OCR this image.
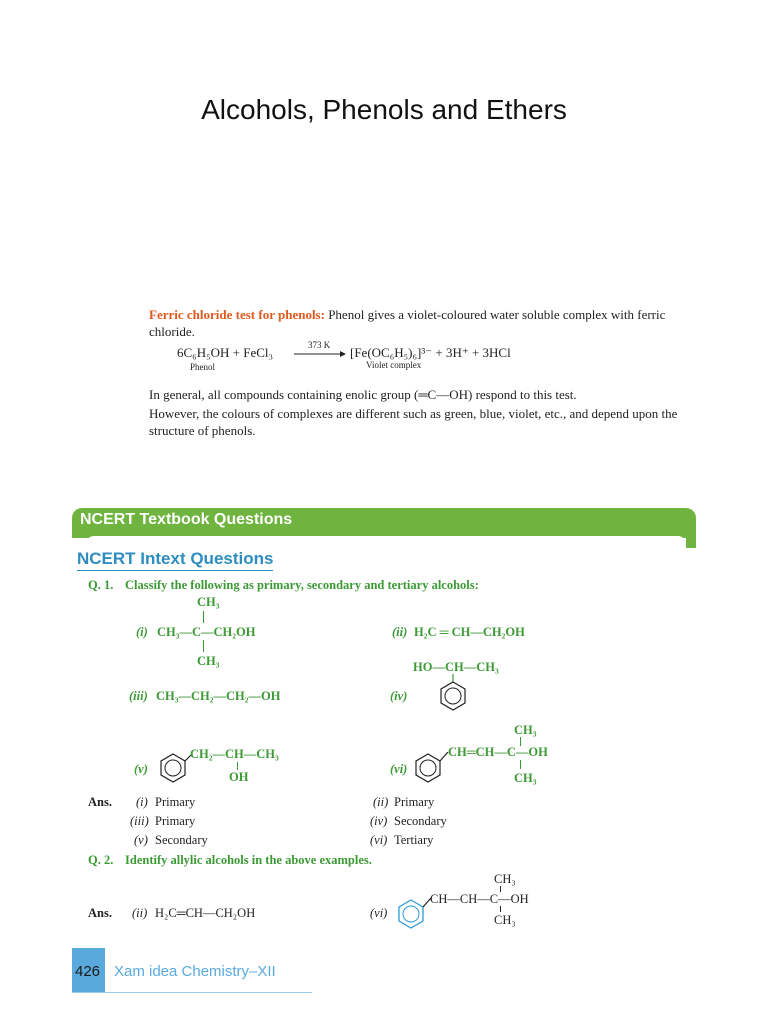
Alcohols, Phenols and Ethers
Ferric chloride test for phenols: Phenol gives a violet-coloured water soluble complex with ferric
chloride.
6C₆H₅OH + FeCl₃	373 K → [Fe(OC₆H₅)₆]³⁻ + 3H⁺ + 3HCl
Phenol	Violet complex
In general, all compounds containing enolic group (═C—OH) respond to this test.
However, the colours of complexes are different such as green, blue, violet, etc., and depend upon the
structure of phenols.
NCERT Textbook Questions
NCERT Intext Questions
Q. 1. Classify the following as primary, secondary and tertiary alcohols:
CH₃
(i) CH₃—C—CH₂OH
CH₃
(ii) H₂C ═ CH—CH₂OH
(iii) CH₃—CH₂—CH₂—OH
HO—CH—CH₃
(iv)
(v)
CH₂—CH—CH₃
OH
CH₃
(vi)
CH═CH—C—OH
CH₃
Ans. (i) Primary	(ii) Primary
(iii) Primary	(iv) Secondary
(v) Secondary	(vi) Tertiary
Q. 2. Identify allylic alcohols in the above examples.
Ans. (ii) H₂C═CH—CH₂OH
CH₃
(vi)
CH—CH—C—OH
CH₃
426 Xam idea Chemistry–XII
